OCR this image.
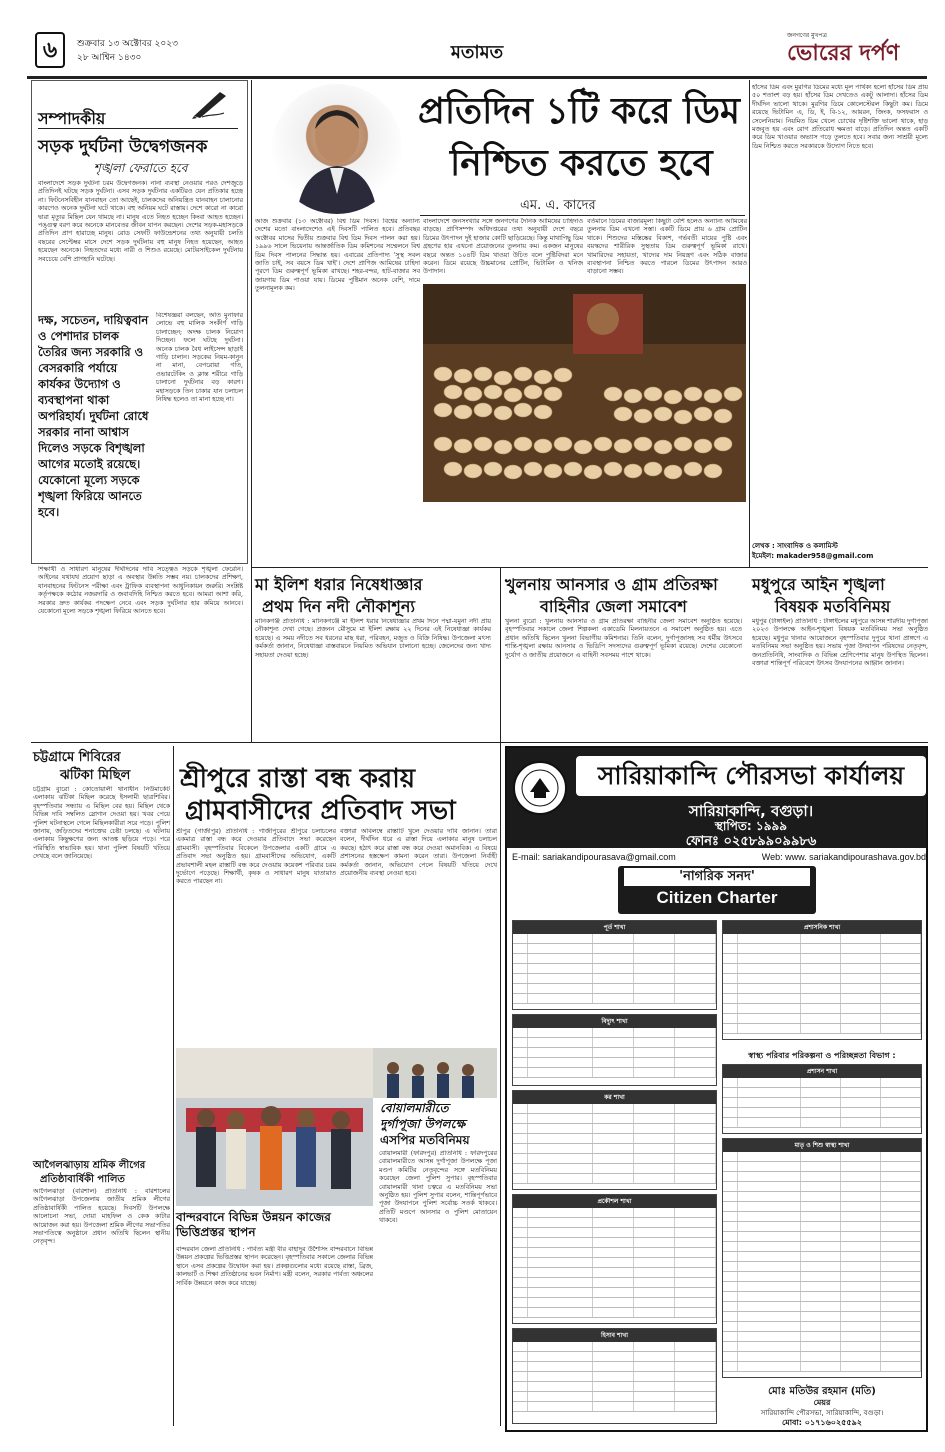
৬	শুক্রবার ১৩ অক্টোবর ২০২৩
২৮ আশ্বিন ১৪৩০	মতামত
জনগণের মুখপত্র
ভোরের দর্পণ
সম্পাদকীয়
সড়ক দুর্ঘটনা উদ্বেগজনক
শৃঙ্খলা ফেরাতে হবে
বাংলাদেশে সড়ক দুর্ঘটনা চরম উদ্বেগজনক। নানা ব্যবস্থা নেওয়ার পরও দেশজুড়ে প্রতিদিনই ঘটছে সড়ক দুর্ঘটনা। এসব সড়ক দুর্ঘটনার একটিরও যেন প্রতিকার হচ্ছে না। ফিটনেসবিহীন যানবাহন তো আছেই, চালকদের অনিয়ন্ত্রিত যানবাহন চালানোর কারণেও অনেক দুর্ঘটনা ঘটে থাকে। বহু অনিয়ম ঘটে রাস্তায়। দেশে কারো না কারো দ্বারা মৃত্যুর মিছিল যেন থামছে না। মানুষ এতে নিহত হচ্ছেন কিংবা আহত হচ্ছেন। পঙ্গুত্ব বরণ করে অনেকে মানবেতর জীবন যাপন করছেন। দেশের সড়ক-মহাসড়কে প্রতিদিন প্রাণ হারাচ্ছে মানুষ। রোড সেফটি ফাউন্ডেশনের তথ্য অনুযায়ী চলতি বছরের সেপ্টেম্বর মাসে দেশে সড়ক দুর্ঘটনায় বহু মানুষ নিহত হয়েছেন, আহত হয়েছেন অনেকে। নিহতদের মধ্যে নারী ও শিশুও রয়েছে। মোটরসাইকেল দুর্ঘটনায় সবচেয়ে বেশি প্রাণহানি ঘটেছে।
দক্ষ, সচেতন, দায়িত্ববান ও পেশাদার চালক তৈরির জন্য সরকারি ও বেসরকারি পর্যায়ে কার্যকর উদ্যোগ ও ব্যবস্থাপনা থাকা অপরিহার্য। দুর্ঘটনা রোধে সরকার নানা আশ্বাস দিলেও সড়কে বিশৃঙ্খলা আগের মতোই রয়েছে। যেকোনো মূল্যে সড়কে শৃঙ্খলা ফিরিয়ে আনতে হবে।
বিশেষজ্ঞরা বলছেন, অতি মুনাফার লোভে বহু মালিক সংকীর্ণ গাড়ি চালাচ্ছেন; অদক্ষ চালক নিয়োগ দিচ্ছেন। ফলে ঘটছে দুর্ঘটনা। অনেক চালক বৈধ লাইসেন্স ছাড়াই গাড়ি চালান। সড়কের নিয়ম-কানুন না মানা, বেপরোয়া গতি, ওভারটেকিং ও ক্লান্ত শরীরে গাড়ি চালানো দুর্ঘটনার বড় কারণ। মহাসড়কে তিন চাকার যান চলাচল নিষিদ্ধ হলেও তা মানা হচ্ছে না।
শিক্ষার্থী ও সাধারণ মানুষের দীর্ঘদিনের দাবি সত্ত্বেও সড়কে শৃঙ্খলা ফেরেনি। আইনের যথাযথ প্রয়োগ ছাড়া এ অবস্থার উন্নতি সম্ভব নয়। চালকদের প্রশিক্ষণ, যানবাহনের ফিটনেস পরীক্ষা এবং ট্রাফিক ব্যবস্থাপনা আধুনিকায়ন জরুরি। সংশ্লিষ্ট কর্তৃপক্ষকে কঠোর নজরদারি ও জবাবদিহি নিশ্চিত করতে হবে। আমরা আশা করি, সরকার দ্রুত কার্যকর পদক্ষেপ নেবে এবং সড়ক দুর্ঘটনার হার কমিয়ে আনবে। যেকোনো মূল্যে সড়কে শৃঙ্খলা ফিরিয়ে আনতে হবে।
প্রতিদিন ১টি করে ডিম
নিশ্চিত করতে হবে
এম. এ. কাদের
আজ শুক্রবার (১৩ অক্টোবর) বিশ্ব ডিম দিবস। বিশ্বের অন্যান্য দেশের মতো বাংলাদেশেও এই দিবসটি পালিত হবে। প্রতিবছর অক্টোবর মাসের দ্বিতীয় শুক্রবার বিশ্ব ডিম দিবস পালন করা হয়। ১৯৯৬ সালে ভিয়েনায় আন্তর্জাতিক ডিম কমিশনের সম্মেলনে বিশ্ব ডিম দিবস পালনের সিদ্ধান্ত হয়। এবারের প্রতিপাদ্য 'সুস্থ সবল জাতি চাই, সব বয়সে ডিম খাই'। দেশে প্রাণিজ আমিষের চাহিদা পূরণে ডিম গুরুত্বপূর্ণ ভূমিকা রাখছে। শহর-বন্দর, হাট-বাজার সব জায়গায় ডিম পাওয়া যায়। ডিমের পুষ্টিমান অনেক বেশি, দামে তুলনামূলক কম।
বাংলাদেশে জনসংখ্যার সঙ্গে জনগণের দৈনিক আমিষের চাহিদাও বাড়ছে। প্রাণিসম্পদ অধিদপ্তরের তথ্য অনুযায়ী দেশে বছরে ডিমের উৎপাদন দুই হাজার কোটি ছাড়িয়েছে। কিন্তু মাথাপিছু ডিম গ্রহণের হার এখনো প্রয়োজনের তুলনায় কম। একজন মানুষের বছরে অন্তত ১০৪টি ডিম খাওয়া উচিত বলে পুষ্টিবিদরা মনে করেন। ডিমে রয়েছে উচ্চমানের প্রোটিন, ভিটামিন ও খনিজ উপাদান।
বর্তমানে ডিমের বাজারমূল্য কিছুটা বেশি হলেও অন্যান্য আমিষের তুলনায় ডিম এখনো সস্তা। একটি ডিমে প্রায় ৬ গ্রাম প্রোটিন থাকে। শিশুদের মস্তিষ্কের বিকাশ, গর্ভবতী মায়ের পুষ্টি এবং বয়স্কদের শারীরিক সুস্থতায় ডিম গুরুত্বপূর্ণ ভূমিকা রাখে। খামারিদের সহায়তা, খাদ্যের দাম নিয়ন্ত্রণ এবং সঠিক বাজার ব্যবস্থাপনা নিশ্চিত করতে পারলে ডিমের উৎপাদন আরও বাড়ানো সম্ভব।
হাঁসের ডিম এবং মুরগির ডিমের মধ্যে মূল পার্থক্য হলো হাঁসের ডিম প্রায় ৫০ শতাংশ বড় হয়। হাঁসের ডিম দেখতেও একটু আলাদা। হাঁসের ডিম দীর্ঘদিন ভালো থাকে। মুরগির ডিমে কোলেস্টেরল কিছুটা কম। ডিমে রয়েছে ভিটামিন এ, ডি, ই, বি-১২, আয়রন, জিংক, ফসফরাস ও সেলেনিয়াম। নিয়মিত ডিম খেলে চোখের দৃষ্টিশক্তি ভালো থাকে, হাড় মজবুত হয় এবং রোগ প্রতিরোধ ক্ষমতা বাড়ে। প্রতিদিন অন্তত একটি করে ডিম খাওয়ার অভ্যাস গড়ে তুলতে হবে। সবার জন্য সাশ্রয়ী মূল্যে ডিম নিশ্চিত করতে সরকারকে উদ্যোগ নিতে হবে।
লেখক : সাংবাদিক ও কলামিস্ট
ইমেইল: makader958@gmail.com
মা ইলিশ ধরার নিষেধাজ্ঞার
প্রথম দিন নদী নৌকাশূন্য
মানিকগঞ্জ প্রতিনিধি : মানিকগঞ্জে মা ইলিশ ধরার নিষেধাজ্ঞার প্রথম দিনে পদ্মা-যমুনা নদী প্রায় নৌকাশূন্য দেখা গেছে। প্রজনন মৌসুমে মা ইলিশ রক্ষায় ২২ দিনের এই নিষেধাজ্ঞা কার্যকর হয়েছে। এ সময় নদীতে সব ধরনের মাছ ধরা, পরিবহন, মজুত ও বিক্রি নিষিদ্ধ। উপজেলা মৎস্য কর্মকর্তা জানান, নিষেধাজ্ঞা বাস্তবায়নে নিয়মিত অভিযান চালানো হচ্ছে। জেলেদের জন্য খাদ্য সহায়তা দেওয়া হচ্ছে।
খুলনায় আনসার ও গ্রাম প্রতিরক্ষা
বাহিনীর জেলা সমাবেশ
খুলনা ব্যুরো : খুলনায় আনসার ও গ্রাম প্রতিরক্ষা বাহিনীর জেলা সমাবেশ অনুষ্ঠিত হয়েছে। বৃহস্পতিবার সকালে জেলা শিল্পকলা একাডেমি মিলনায়তনে এ সমাবেশ অনুষ্ঠিত হয়। এতে প্রধান অতিথি ছিলেন খুলনা বিভাগীয় কমিশনার। তিনি বলেন, দুর্গাপূজাসহ সব ধর্মীয় উৎসবে শান্তি-শৃঙ্খলা রক্ষায় আনসার ও ভিডিপি সদস্যদের গুরুত্বপূর্ণ ভূমিকা রয়েছে। দেশের যেকোনো দুর্যোগ ও জাতীয় প্রয়োজনে এ বাহিনী সবসময় পাশে থাকে।
মধুপুরে আইন শৃঙ্খলা
বিষয়ক মতবিনিময়
মধুপুর (টাঙ্গাইল) প্রতিনিধি : টাঙ্গাইলের মধুপুরে আসন্ন শারদীয় দুর্গাপূজা ২০২৩ উপলক্ষে আইন-শৃঙ্খলা বিষয়ক মতবিনিময় সভা অনুষ্ঠিত হয়েছে। মধুপুর থানার আয়োজনে বৃহস্পতিবার দুপুরে থানা প্রাঙ্গণে এ মতবিনিময় সভা অনুষ্ঠিত হয়। সভায় পূজা উদযাপন পরিষদের নেতৃবৃন্দ, জনপ্রতিনিধি, সাংবাদিক ও বিভিন্ন শ্রেণিপেশার মানুষ উপস্থিত ছিলেন। বক্তারা শান্তিপূর্ণ পরিবেশে উৎসব উদযাপনের আহ্বান জানান।
চট্টগ্রামে শিবিরের
ঝটিকা মিছিল
চট্টগ্রাম ব্যুরো : কোতোয়ালী থানাধীন নিউমার্কেট এলাকায় ঝটিকা মিছিল করেছে ইসলামী ছাত্রশিবির। বৃহস্পতিবার সন্ধ্যায় এ মিছিল বের হয়। মিছিল থেকে বিভিন্ন দাবি সম্বলিত স্লোগান দেওয়া হয়। খবর পেয়ে পুলিশ ঘটনাস্থলে গেলে মিছিলকারীরা সরে পড়ে। পুলিশ জানায়, জড়িতদের শনাক্তের চেষ্টা চলছে। এ ঘটনায় এলাকায় কিছুক্ষণের জন্য আতঙ্ক ছড়িয়ে পড়ে। পরে পরিস্থিতি স্বাভাবিক হয়। থানা পুলিশ বিষয়টি খতিয়ে দেখছে বলে জানিয়েছে।
আগৈলঝাড়ায় শ্রমিক লীগের
প্রতিষ্ঠাবার্ষিকী পালিত
আগৈলঝাড়া (বরিশাল) প্রতিনিধি : বরিশালের আগৈলঝাড়া উপজেলায় জাতীয় শ্রমিক লীগের প্রতিষ্ঠাবার্ষিকী পালিত হয়েছে। দিবসটি উপলক্ষে আলোচনা সভা, দোয়া মাহফিল ও কেক কাটার আয়োজন করা হয়। উপজেলা শ্রমিক লীগের সভাপতির সভাপতিত্বে অনুষ্ঠানে প্রধান অতিথি ছিলেন স্থানীয় নেতৃবৃন্দ।
শ্রীপুরে রাস্তা বন্ধ করায়
গ্রামবাসীদের প্রতিবাদ সভা
শ্রীপুর (গাজীপুর) প্রতিনিধি : গাজীপুরের শ্রীপুরে চলাচলের একমাত্র রাস্তা বন্ধ করে দেওয়ার প্রতিবাদে সভা করেছেন গ্রামবাসী। বৃহস্পতিবার বিকেলে উপজেলার একটি গ্রামে এ প্রতিবাদ সভা অনুষ্ঠিত হয়। গ্রামবাসীদের অভিযোগ, একটি প্রভাবশালী মহল রাস্তাটি বন্ধ করে দেওয়ায় কয়েকশ পরিবার চরম দুর্ভোগে পড়েছে। শিক্ষার্থী, কৃষক ও সাধারণ মানুষ যাতায়াত করতে পারছেন না।
বক্তারা অবিলম্বে রাস্তাটি খুলে দেওয়ার দাবি জানান। তারা বলেন, দীর্ঘদিন ধরে এ রাস্তা দিয়ে এলাকার মানুষ চলাচল করছে। হঠাৎ করে রাস্তা বন্ধ করে দেওয়া অমানবিক। এ বিষয়ে প্রশাসনের হস্তক্ষেপ কামনা করেন তারা। উপজেলা নির্বাহী কর্মকর্তা জানান, অভিযোগ পেলে বিষয়টি খতিয়ে দেখে প্রয়োজনীয় ব্যবস্থা নেওয়া হবে।
বোয়ালমারীতে
দুর্গাপূজা উপলক্ষে
এসপির মতবিনিময়
বোয়ালমারী (ফরিদপুর) প্রতিনিধি : ফরিদপুরের বোয়ালমারীতে আসন্ন দুর্গাপূজা উপলক্ষে পূজা মণ্ডপ কমিটির নেতৃবৃন্দের সঙ্গে মতবিনিময় করেছেন জেলা পুলিশ সুপার। বৃহস্পতিবার বোয়ালমারী থানা চত্বরে এ মতবিনিময় সভা অনুষ্ঠিত হয়। পুলিশ সুপার বলেন, শান্তিপূর্ণভাবে পূজা উদযাপনে পুলিশ সর্বোচ্চ সতর্ক থাকবে। প্রতিটি মণ্ডপে আনসার ও পুলিশ মোতায়েন থাকবে।
বান্দরবানে বিভিন্ন উন্নয়ন কাজের ভিত্তিপ্রস্তর স্থাপন
বান্দরবান জেলা প্রতিনিধি : পার্বত্য মন্ত্রী বীর বাহাদুর উশৈসিং বান্দরবানে বিভিন্ন উন্নয়ন প্রকল্পের ভিত্তিপ্রস্তর স্থাপন করেছেন। বৃহস্পতিবার সকালে জেলার বিভিন্ন স্থানে এসব প্রকল্পের উদ্বোধন করা হয়। প্রকল্পগুলোর মধ্যে রয়েছে রাস্তা, ব্রিজ, কালভার্ট ও শিক্ষা প্রতিষ্ঠানের ভবন নির্মাণ। মন্ত্রী বলেন, সরকার পার্বত্য অঞ্চলের সার্বিক উন্নয়নে কাজ করে যাচ্ছে।
সারিয়াকান্দি পৌরসভা কার্যালয়
সারিয়াকান্দি, বগুড়া।
স্থাপিত: ১৯৯৯
ফোনঃ ০২৫৮৯৯০৯৯৮৬
E-mail: sariakandipourasava@gmail.com	Web: www. sariakandipourashava.gov.bd
'নাগরিক সনদ'
Citizen Charter
পূর্ত শাখা
বিদ্যুৎ শাখা
কর শাখা
প্রকৌশল শাখা
হিসাব শাখা
প্রশাসনিক শাখা
স্বাস্থ্য পরিবার পরিকল্পনা ও পরিচ্ছন্নতা বিভাগ :
প্রশাসন শাখা
মাতৃ ও শিশু স্বাস্থ্য শাখা
মোঃ মতিউর রহমান (মতি)
মেয়র
সারিয়াকান্দি পৌরসভা, সারিয়াকান্দি, বগুড়া।
মোবা: ০১৭১৬০২৫৫৯২
